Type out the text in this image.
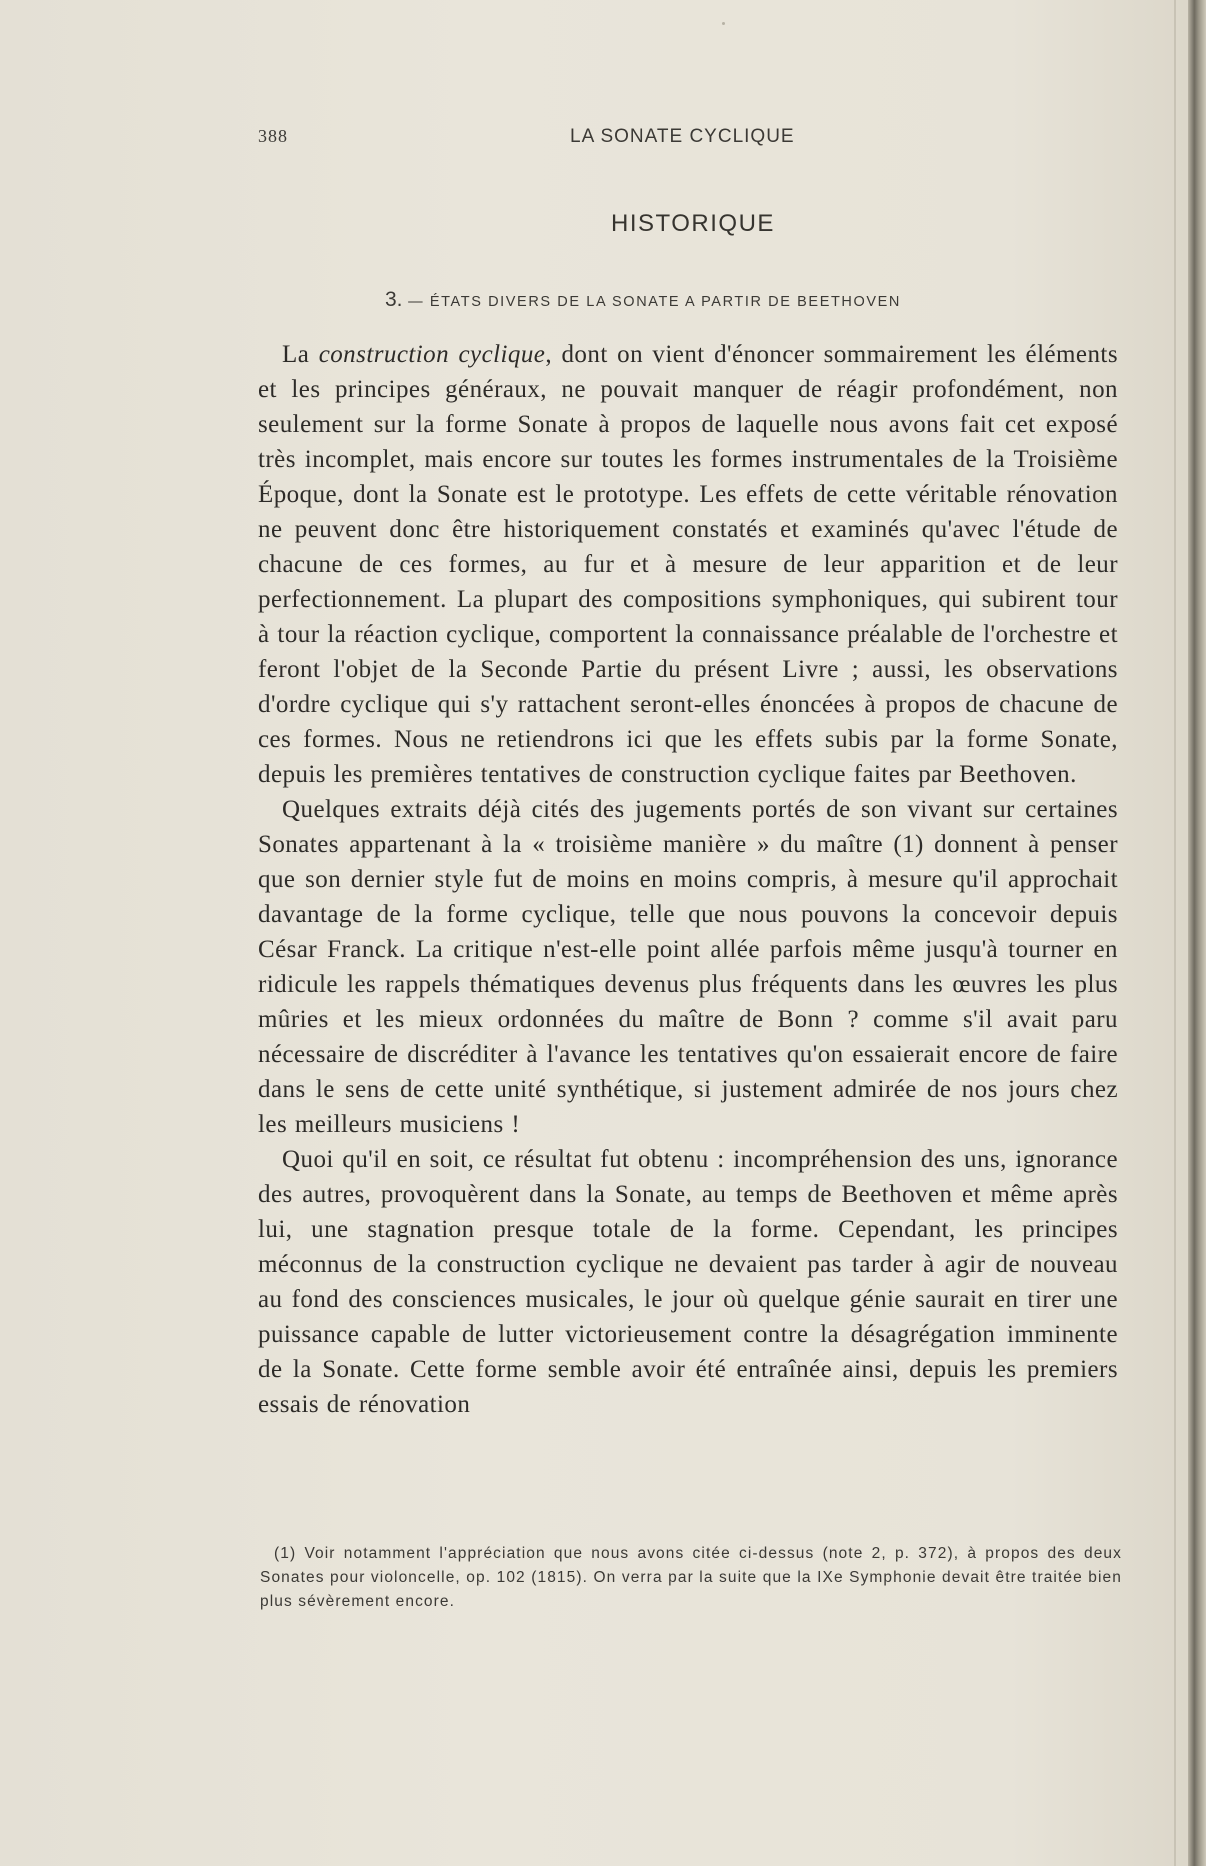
388	LA SONATE CYCLIQUE
HISTORIQUE
3. — ÉTATS DIVERS DE LA SONATE A PARTIR DE BEETHOVEN

La construction cyclique, dont on vient d'énoncer sommairement les éléments et les principes généraux, ne pouvait manquer de réagir profondément, non seulement sur la forme Sonate à propos de laquelle nous avons fait cet exposé très incomplet, mais encore sur toutes les formes instrumentales de la Troisième Époque, dont la Sonate est le prototype. Les effets de cette véritable rénovation ne peuvent donc être historiquement constatés et examinés qu'avec l'étude de chacune de ces formes, au fur et à mesure de leur apparition et de leur perfectionnement. La plupart des compositions symphoniques, qui subirent tour à tour la réaction cyclique, comportent la connaissance préalable de l'orchestre et feront l'objet de la Seconde Partie du présent Livre ; aussi, les observations d'ordre cyclique qui s'y rattachent seront-elles énoncées à propos de chacune de ces formes. Nous ne retiendrons ici que les effets subis par la forme Sonate, depuis les premières tentatives de construction cyclique faites par Beethoven.

Quelques extraits déjà cités des jugements portés de son vivant sur certaines Sonates appartenant à la « troisième manière » du maître (1) donnent à penser que son dernier style fut de moins en moins compris, à mesure qu'il approchait davantage de la forme cyclique, telle que nous pouvons la concevoir depuis César Franck. La critique n'est-elle point allée parfois même jusqu'à tourner en ridicule les rappels thématiques devenus plus fréquents dans les œuvres les plus mûries et les mieux ordonnées du maître de Bonn ? comme s'il avait paru nécessaire de discréditer à l'avance les tentatives qu'on essaierait encore de faire dans le sens de cette unité synthétique, si justement admirée de nos jours chez les meilleurs musiciens !

Quoi qu'il en soit, ce résultat fut obtenu : incompréhension des uns, ignorance des autres, provoquèrent dans la Sonate, au temps de Beethoven et même après lui, une stagnation presque totale de la forme. Cependant, les principes méconnus de la construction cyclique ne devaient pas tarder à agir de nouveau au fond des consciences musicales, le jour où quelque génie saurait en tirer une puissance capable de lutter victorieusement contre la désagrégation imminente de la Sonate. Cette forme semble avoir été entraînée ainsi, depuis les premiers essais de rénovation

(1) Voir notamment l'appréciation que nous avons citée ci-dessus (note 2, p. 372), à propos des deux Sonates pour violoncelle, op. 102 (1815). On verra par la suite que la IXe Symphonie devait être traitée bien plus sévèrement encore.
